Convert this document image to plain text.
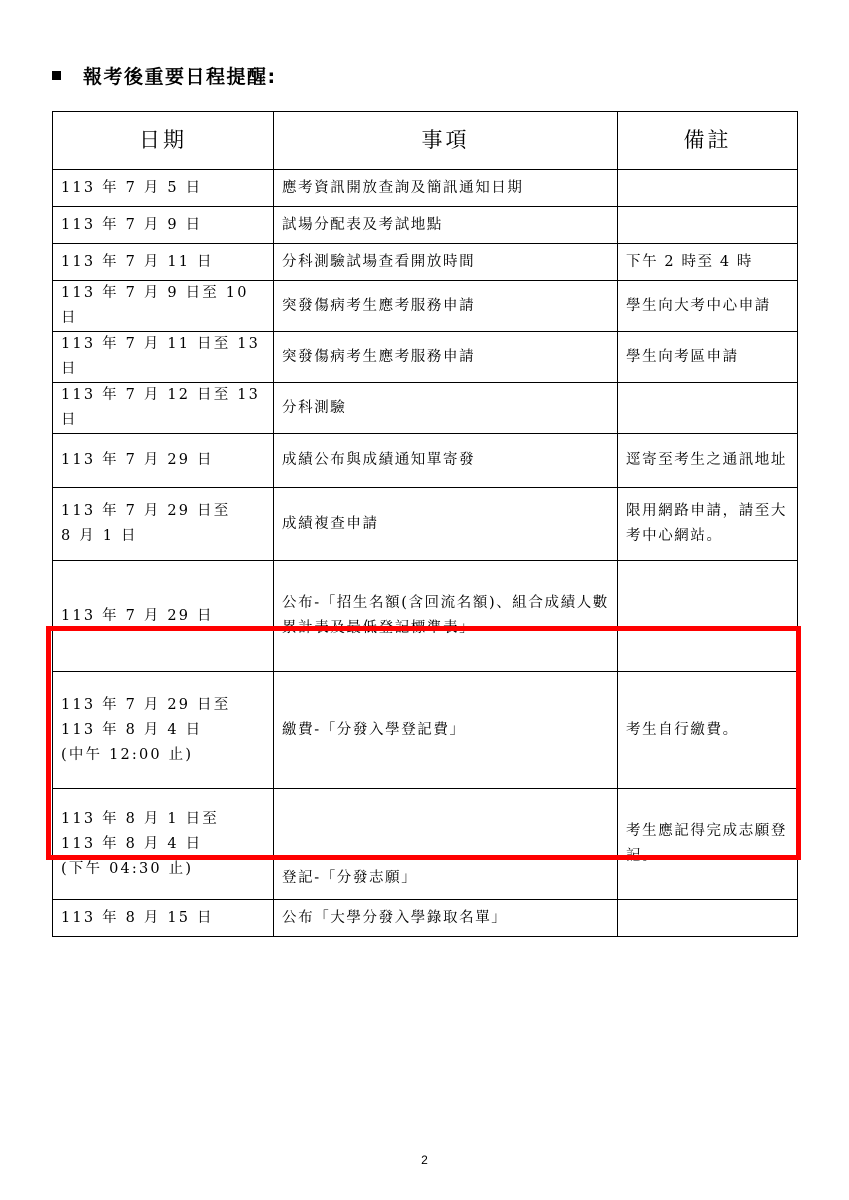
報考後重要日程提醒:
日期	事項	備註
113 年 7 月 5 日	應考資訊開放查詢及簡訊通知日期	
113 年 7 月 9 日	試場分配表及考試地點	
113 年 7 月 11 日	分科測驗試場查看開放時間	下午 2 時至 4 時
113 年 7 月 9 日至 10 日	突發傷病考生應考服務申請	學生向大考中心申請
113 年 7 月 11 日至 13 日	突發傷病考生應考服務申請	學生向考區申請
113 年 7 月 12 日至 13 日	分科測驗	
113 年 7 月 29 日	成績公布與成績通知單寄發	逕寄至考生之通訊地址
113 年 7 月 29 日至
8 月 1 日	成績複查申請	限用網路申請，請至大考中心網站。
113 年 7 月 29 日	公布-「招生名額(含回流名額)、組合成績人數累計表及最低登記標準表」	
113 年 7 月 29 日至
113 年 8 月 4 日
(中午 12:00 止)	繳費-「分發入學登記費」	考生自行繳費。
113 年 8 月 1 日至
113 年 8 月 4 日
(下午 04:30 止)	登記-「分發志願」	考生應記得完成志願登記。
113 年 8 月 15 日	公布「大學分發入學錄取名單」	
2
